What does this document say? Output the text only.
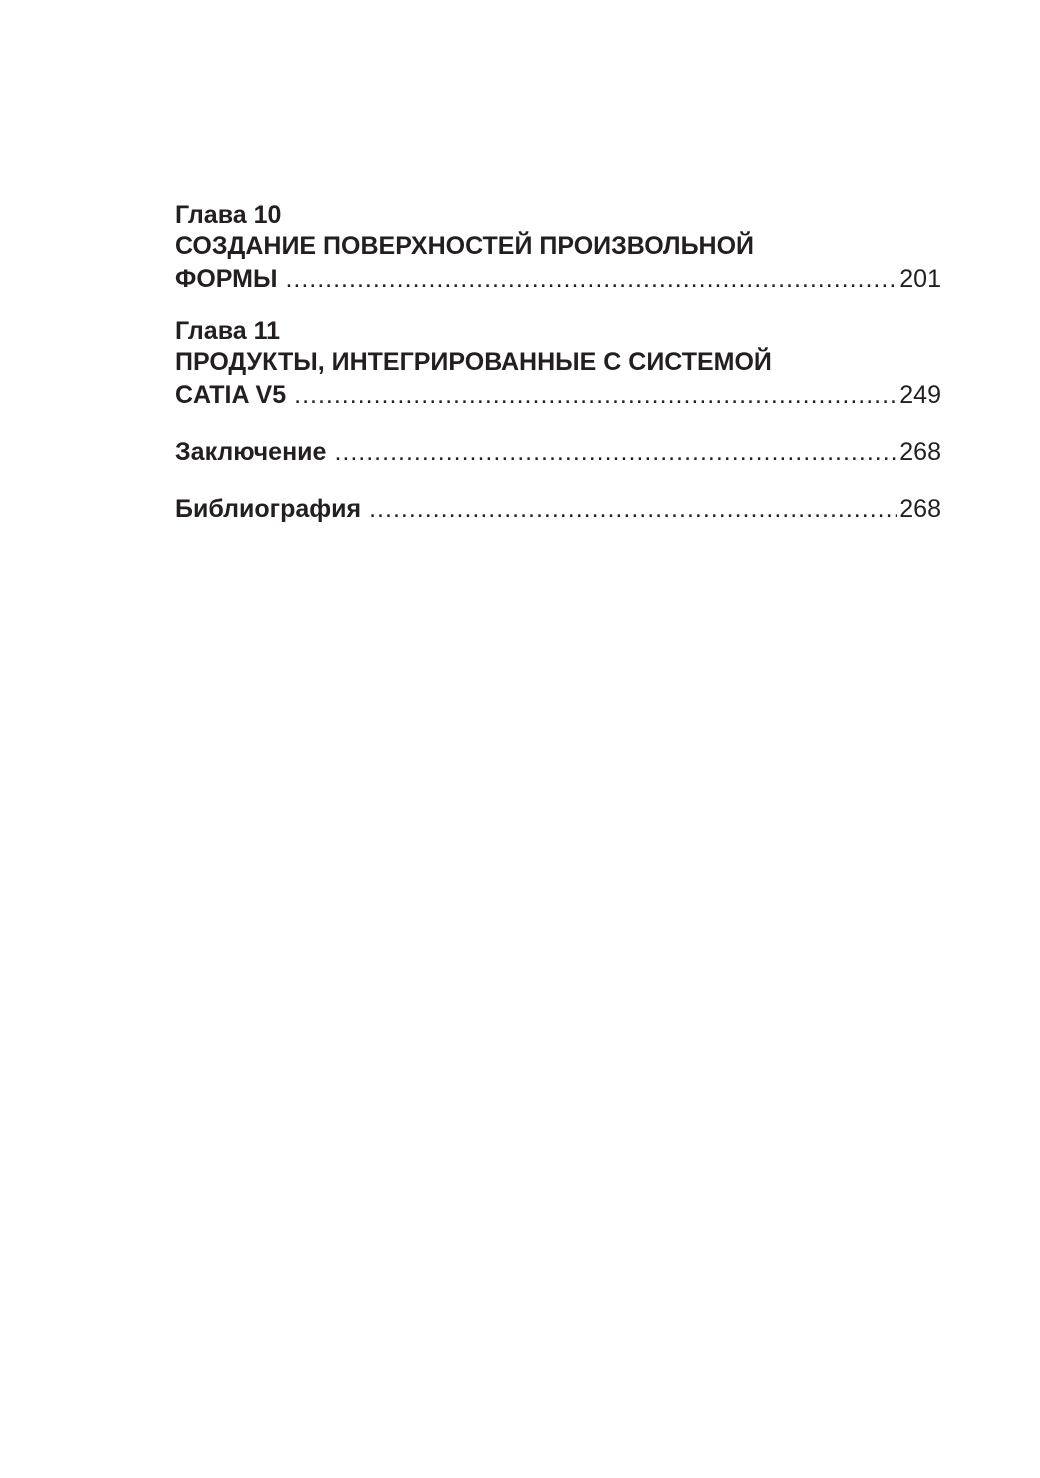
Глава 10
СОЗДАНИЕ ПОВЕРХНОСТЕЙ ПРОИЗВОЛЬНОЙ
ФОРМЫ .....	201
Глава 11
ПРОДУКТЫ, ИНТЕГРИРОВАННЫЕ С СИСТЕМОЙ
CATIA V5 .....	249
Заключение .....	268
Библиография .....	268
